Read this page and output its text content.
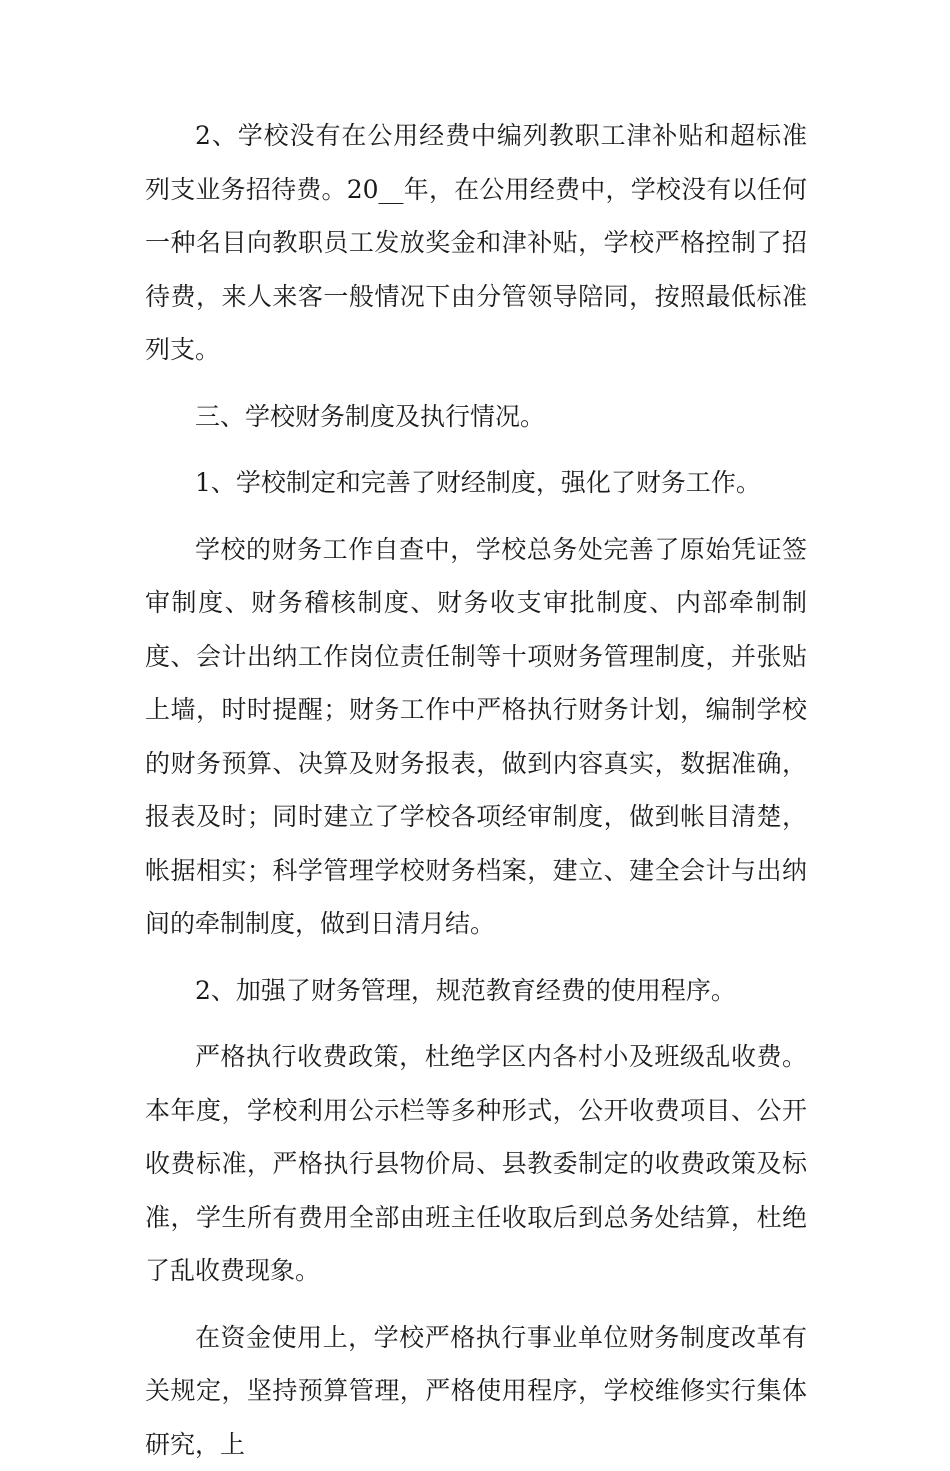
2、学校没有在公用经费中编列教职工津补贴和超标准列支业务招待费。20__年，在公用经费中，学校没有以任何一种名目向教职员工发放奖金和津补贴，学校严格控制了招待费，来人来客一般情况下由分管领导陪同，按照最低标准列支。

三、学校财务制度及执行情况。

1、学校制定和完善了财经制度，强化了财务工作。

学校的财务工作自查中，学校总务处完善了原始凭证签审制度、财务稽核制度、财务收支审批制度、内部牵制制度、会计出纳工作岗位责任制等十项财务管理制度，并张贴上墙，时时提醒；财务工作中严格执行财务计划，编制学校的财务预算、决算及财务报表，做到内容真实，数据准确，报表及时；同时建立了学校各项经审制度，做到帐目清楚，帐据相实；科学管理学校财务档案，建立、建全会计与出纳间的牵制制度，做到日清月结。

2、加强了财务管理，规范教育经费的使用程序。

严格执行收费政策，杜绝学区内各村小及班级乱收费。本年度，学校利用公示栏等多种形式，公开收费项目、公开收费标准，严格执行县物价局、县教委制定的收费政策及标准，学生所有费用全部由班主任收取后到总务处结算，杜绝了乱收费现象。

在资金使用上，学校严格执行事业单位财务制度改革有关规定，坚持预算管理，严格使用程序，学校维修实行集体研究，上
